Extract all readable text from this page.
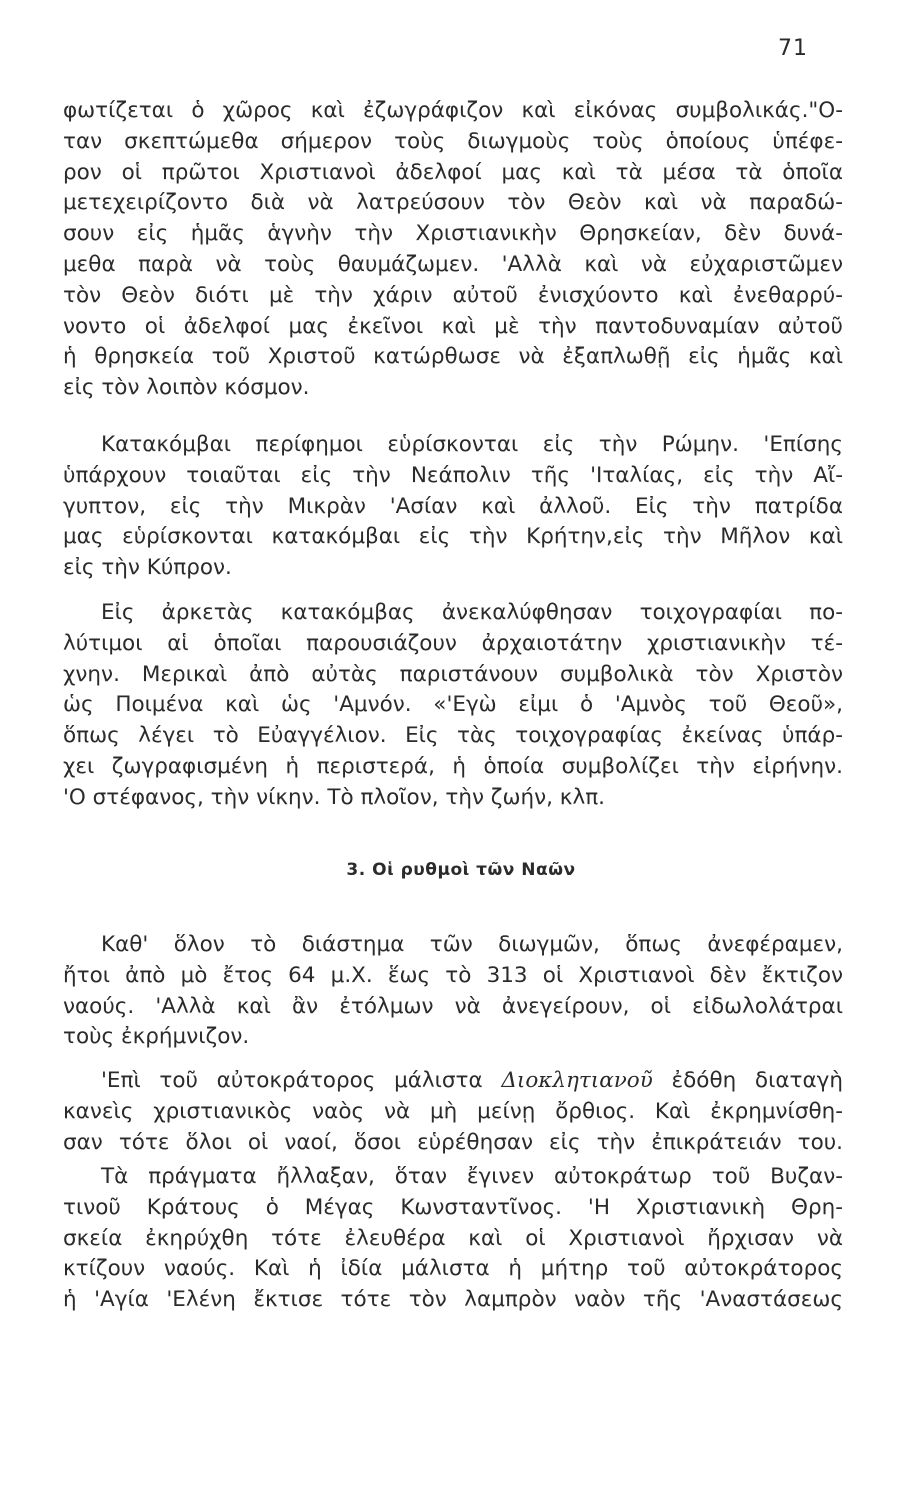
71
φωτίζεται ὁ χῶρος καὶ ἐζωγράφιζον καὶ εἰκόνας συμβολικάς."Ο-
ταν σκεπτώμεθα σήμερον τοὺς διωγμοὺς τοὺς ὁποίους ὑπέφε-
ρον οἱ πρῶτοι Χριστιανοὶ ἀδελφοί μας καὶ τὰ μέσα τὰ ὁποῖα
μετεχειρίζοντο διὰ νὰ λατρεύσουν τὸν Θεὸν καὶ νὰ παραδώ-
σουν εἰς ἡμᾶς ἁγνὴν τὴν Χριστιανικὴν Θρησκείαν, δὲν δυνά-
μεθα παρὰ νὰ τοὺς θαυμάζωμεν. 'Αλλὰ καὶ νὰ εὐχαριστῶμεν
τὸν Θεὸν διότι μὲ τὴν χάριν αὐτοῦ ἐνισχύοντο καὶ ἐνεθαρρύ-
νοντο οἱ ἀδελφοί μας ἐκεῖνοι καὶ μὲ τὴν παντοδυναμίαν αὐτοῦ
ἡ θρησκεία τοῦ Χριστοῦ κατώρθωσε νὰ ἐξαπλωθῇ εἰς ἡμᾶς καὶ
εἰς τὸν λοιπὸν κόσμον.
Κατακόμβαι περίφημοι εὑρίσκονται εἰς τὴν Ρώμην. 'Επίσης
ὑπάρχουν τοιαῦται εἰς τὴν Νεάπολιν τῆς 'Ιταλίας, εἰς τὴν Αἴ-
γυπτον, εἰς τὴν Μικρὰν 'Ασίαν καὶ ἀλλοῦ. Εἰς τὴν πατρίδα
μας εὑρίσκονται κατακόμβαι εἰς τὴν Κρήτην,εἰς τὴν Μῆλον καὶ
εἰς τὴν Κύπρον.
Εἰς ἀρκετὰς κατακόμβας ἀνεκαλύφθησαν τοιχογραφίαι πο-
λύτιμοι αἱ ὁποῖαι παρουσιάζουν ἀρχαιοτάτην χριστιανικὴν τέ-
χνην. Μερικαὶ ἀπὸ αὐτὰς παριστάνουν συμβολικὰ τὸν Χριστὸν
ὡς Ποιμένα καὶ ὡς 'Αμνόν. «'Εγὼ εἰμι ὁ 'Αμνὸς τοῦ Θεοῦ»,
ὅπως λέγει τὸ Εὐαγγέλιον. Εἰς τὰς τοιχογραφίας ἐκείνας ὑπάρ-
χει ζωγραφισμένη ἡ περιστερά, ἡ ὁποία συμβολίζει τὴν εἰρήνην.
'Ο στέφανος, τὴν νίκην. Τὸ πλοῖον, τὴν ζωήν, κλπ.
3. Οἱ ρυθμοὶ τῶν Ναῶν
Καθ' ὅλον τὸ διάστημα τῶν διωγμῶν, ὅπως ἀνεφέραμεν,
ἤτοι ἀπὸ μὸ ἔτος 64 μ.Χ. ἕως τὸ 313 οἱ Χριστιανοὶ δὲν ἔκτιζον
ναούς. 'Αλλὰ καὶ ἂν ἐτόλμων νὰ ἀνεγείρουν, οἱ εἰδωλολάτραι
τοὺς ἐκρήμνιζον.
'Επὶ τοῦ αὐτοκράτορος μάλιστα Διοκλητιανοῦ ἐδόθη διαταγὴ
κανεὶς χριστιανικὸς ναὸς νὰ μὴ μείνῃ ὄρθιος. Καὶ ἐκρημνίσθη-
σαν τότε ὅλοι οἱ ναοί, ὅσοι εὑρέθησαν εἰς τὴν ἐπικράτειάν του.
Τὰ πράγματα ἤλλαξαν, ὅταν ἔγινεν αὐτοκράτωρ τοῦ Βυζαν-
τινοῦ Κράτους ὁ Μέγας Κωνσταντῖνος. 'Η Χριστιανικὴ Θρη-
σκεία ἐκηρύχθη τότε ἐλευθέρα καὶ οἱ Χριστιανοὶ ἤρχισαν νὰ
κτίζουν ναούς. Καὶ ἡ ἰδία μάλιστα ἡ μήτηρ τοῦ αὐτοκράτορος
ἡ 'Αγία 'Ελένη ἔκτισε τότε τὸν λαμπρὸν ναὸν τῆς 'Αναστάσεως
